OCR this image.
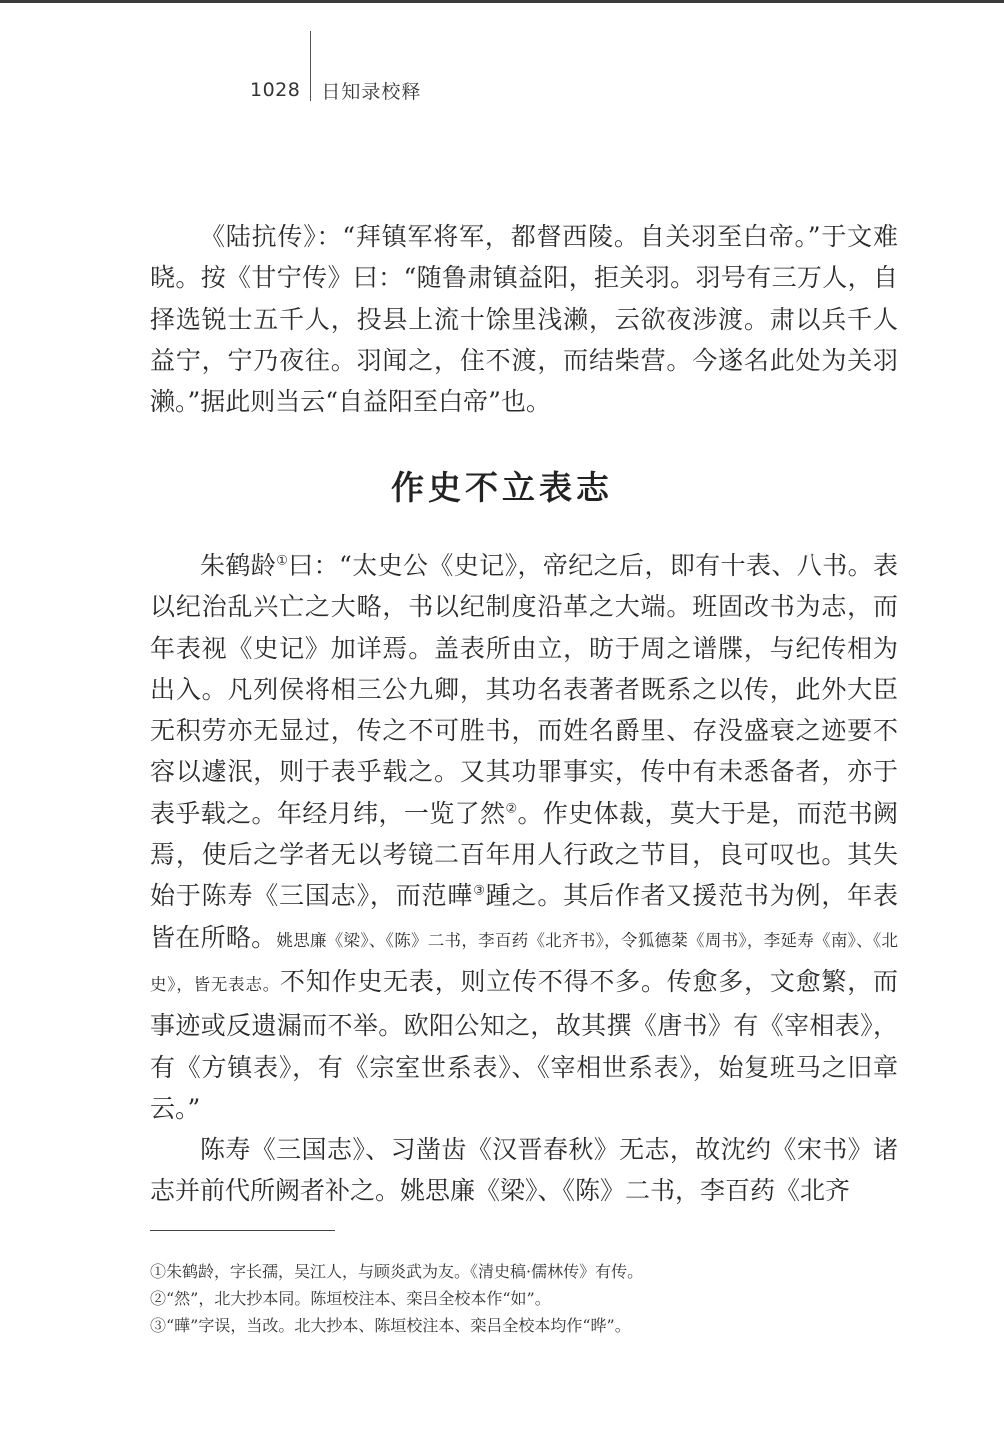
1028 日知录校释

《陆抗传》：“拜镇军将军，都督西陵。自关羽至白帝。”于文难晓。按《甘宁传》曰：“随鲁肃镇益阳，拒关羽。羽号有三万人，自择选锐士五千人，投县上流十馀里浅濑，云欲夜涉渡。肃以兵千人益宁，宁乃夜往。羽闻之，住不渡，而结柴营。今遂名此处为关羽濑。”据此则当云“自益阳至白帝”也。

作史不立表志

朱鹤龄①曰：“太史公《史记》，帝纪之后，即有十表、八书。表以纪治乱兴亡之大略，书以纪制度沿革之大端。班固改书为志，而年表视《史记》加详焉。盖表所由立，昉于周之谱牒，与纪传相为出入。凡列侯将相三公九卿，其功名表著者既系之以传，此外大臣无积劳亦无显过，传之不可胜书，而姓名爵里、存没盛衰之迹要不容以遽泯，则于表乎载之。又其功罪事实，传中有未悉备者，亦于表乎载之。年经月纬，一览了然②。作史体裁，莫大于是，而范书阙焉，使后之学者无以考镜二百年用人行政之节目，良可叹也。其失始于陈寿《三国志》，而范曄③踵之。其后作者又援范书为例，年表皆在所略。姚思廉《梁》、《陈》二书，李百药《北齐书》，令狐德棻《周书》，李延寿《南》、《北史》，皆无表志。不知作史无表，则立传不得不多。传愈多，文愈繁，而事迹或反遗漏而不举。欧阳公知之，故其撰《唐书》有《宰相表》，有《方镇表》，有《宗室世系表》、《宰相世系表》，始复班马之旧章云。”

陈寿《三国志》、习凿齿《汉晋春秋》无志，故沈约《宋书》诸志并前代所阙者补之。姚思廉《梁》、《陈》二书，李百药《北齐

①朱鹤龄，字长孺，吴江人，与顾炎武为友。《清史稿·儒林传》有传。
②“然”，北大抄本同。陈垣校注本、栾吕全校本作“如”。
③“曄”字误，当改。北大抄本、陈垣校注本、栾吕全校本均作“晔”。
